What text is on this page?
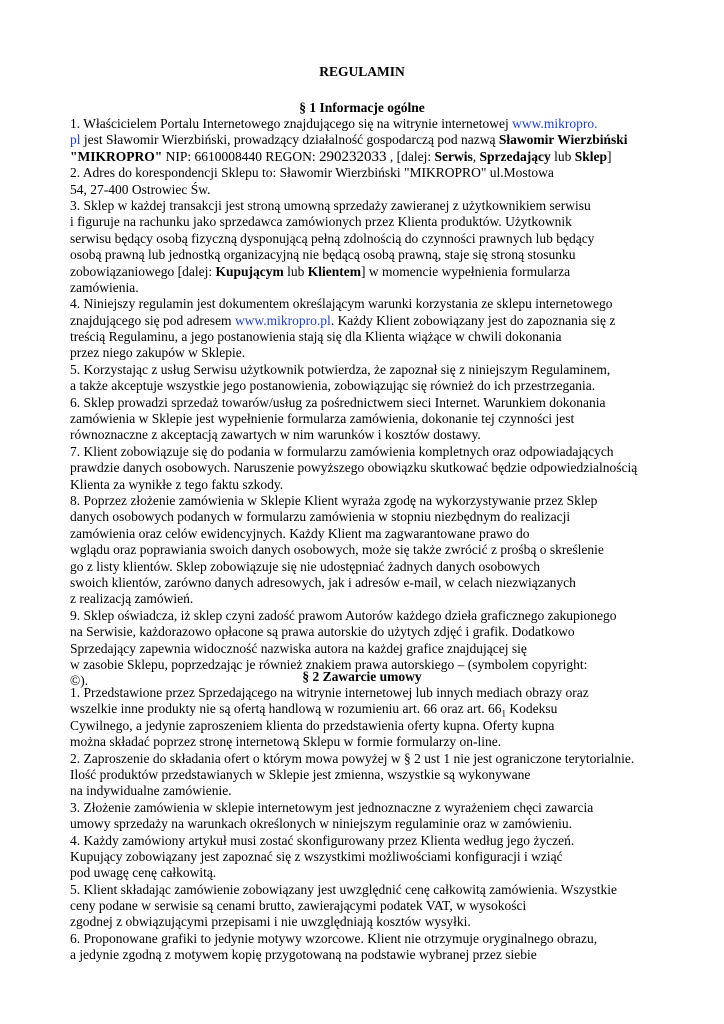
REGULAMIN
§ 1 Informacje ogólne
1. Właścicielem Portalu Internetowego znajdującego się na witrynie internetowej www.mikropro.
pl jest Sławomir Wierzbiński, prowadzący działalność gospodarczą pod nazwą Sławomir Wierzbiński
"MIKROPRO" NIP: 6610008440 REGON: 290232033 , [dalej: Serwis, Sprzedający lub Sklep]
2. Adres do korespondencji Sklepu to: Sławomir Wierzbiński "MIKROPRO" ul.Mostowa
54, 27-400 Ostrowiec Św.
3. Sklep w każdej transakcji jest stroną umowną sprzedaży zawieranej z użytkownikiem serwisu
i figuruje na rachunku jako sprzedawca zamówionych przez Klienta produktów. Użytkownik
serwisu będący osobą fizyczną dysponującą pełną zdolnością do czynności prawnych lub będący
osobą prawną lub jednostką organizacyjną nie będącą osobą prawną, staje się stroną stosunku
zobowiązaniowego [dalej: Kupującym lub Klientem] w momencie wypełnienia formularza
zamówienia.
4. Niniejszy regulamin jest dokumentem określającym warunki korzystania ze sklepu internetowego
znajdującego się pod adresem www.mikropro.pl. Każdy Klient zobowiązany jest do zapoznania się z
treścią Regulaminu, a jego postanowienia stają się dla Klienta wiążące w chwili dokonania
przez niego zakupów w Sklepie.
5. Korzystając z usług Serwisu użytkownik potwierdza, że zapoznał się z niniejszym Regulaminem,
a także akceptuje wszystkie jego postanowienia, zobowiązując się również do ich przestrzegania.
6. Sklep prowadzi sprzedaż towarów/usług za pośrednictwem sieci Internet. Warunkiem dokonania
zamówienia w Sklepie jest wypełnienie formularza zamówienia, dokonanie tej czynności jest
równoznaczne z akceptacją zawartych w nim warunków i kosztów dostawy.
7. Klient zobowiązuje się do podania w formularzu zamówienia kompletnych oraz odpowiadających
prawdzie danych osobowych. Naruszenie powyższego obowiązku skutkować będzie odpowiedzialnością
Klienta za wynikłe z tego faktu szkody.
8. Poprzez złożenie zamówienia w Sklepie Klient wyraża zgodę na wykorzystywanie przez Sklep
danych osobowych podanych w formularzu zamówienia w stopniu niezbędnym do realizacji
zamówienia oraz celów ewidencyjnych. Każdy Klient ma zagwarantowane prawo do
wglądu oraz poprawiania swoich danych osobowych, może się także zwrócić z prośbą o skreślenie
go z listy klientów. Sklep zobowiązuje się nie udostępniać żadnych danych osobowych
swoich klientów, zarówno danych adresowych, jak i adresów e-mail, w celach niezwiązanych
z realizacją zamówień.
9. Sklep oświadcza, iż sklep czyni zadość prawom Autorów każdego dzieła graficznego zakupionego
na Serwisie, każdorazowo opłacone są prawa autorskie do użytych zdjęć i grafik. Dodatkowo
Sprzedający zapewnia widoczność nazwiska autora na każdej grafice znajdującej się
w zasobie Sklepu, poprzedzając je również znakiem prawa autorskiego – (symbolem copyright:
©).	§ 2 Zawarcie umowy
1. Przedstawione przez Sprzedającego na witrynie internetowej lub innych mediach obrazy oraz
wszelkie inne produkty nie są ofertą handlową w rozumieniu art. 66 oraz art. $66_1$ Kodeksu
Cywilnego, a jedynie zaproszeniem klienta do przedstawienia oferty kupna. Oferty kupna
można składać poprzez stronę internetową Sklepu w formie formularzy on-line.
2. Zaproszenie do składania ofert o którym mowa powyżej w § 2 ust 1 nie jest ograniczone terytorialnie.
Ilość produktów przedstawianych w Sklepie jest zmienna, wszystkie są wykonywane
na indywidualne zamówienie.
3. Złożenie zamówienia w sklepie internetowym jest jednoznaczne z wyrażeniem chęci zawarcia
umowy sprzedaży na warunkach określonych w niniejszym regulaminie oraz w zamówieniu.
4. Każdy zamówiony artykuł musi zostać skonfigurowany przez Klienta według jego życzeń.
Kupujący zobowiązany jest zapoznać się z wszystkimi możliwościami konfiguracji i wziąć
pod uwagę cenę całkowitą.
5. Klient składając zamówienie zobowiązany jest uwzględnić cenę całkowitą zamówienia. Wszystkie
ceny podane w serwisie są cenami brutto, zawierającymi podatek VAT, w wysokości
zgodnej z obwiązującymi przepisami i nie uwzględniają kosztów wysyłki.
6. Proponowane grafiki to jedynie motywy wzorcowe. Klient nie otrzymuje oryginalnego obrazu,
a jedynie zgodną z motywem kopię przygotowaną na podstawie wybranej przez siebie
